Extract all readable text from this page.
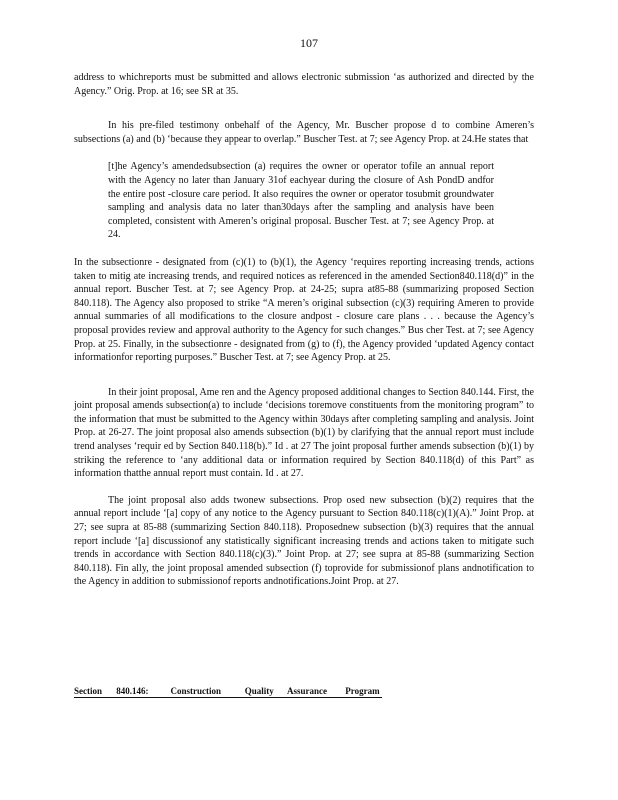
107

address to whichreports must be submitted and allows electronic submission ‘as authorized and directed by the Agency.” Orig. Prop. at 16; see SR at 35.

In his pre-filed testimony onbehalf of the Agency, Mr. Buscher propose d to combine Ameren’s subsections (a) and (b) ‘because they appear to overlap.” Buscher Test. at 7; see Agency Prop. at 24.He states that

[t]he Agency’s amendedsubsection (a) requires the owner or operator tofile an annual report with the Agency no later than January 31of eachyear during the closure of Ash PondD andfor the entire post -closure care period. It also requires the owner or operator tosubmit groundwater sampling and analysis data no later than30days after the sampling and analysis have been completed, consistent with Ameren’s original proposal. Buscher Test. at 7; see Agency Prop. at 24.

In the subsectionre - designated from (c)(1) to (b)(1), the Agency ‘requires reporting increasing trends, actions taken to mitig ate increasing trends, and required notices as referenced in the amended Section840.118(d)” in the annual report. Buscher Test. at 7; see Agency Prop. at 24-25; supra at85-88 (summarizing proposed Section 840.118). The Agency also proposed to strike “A meren’s original subsection (c)(3) requiring Ameren to provide annual summaries of all modifications to the closure andpost - closure care plans . . . because the Agency’s proposal provides review and approval authority to the Agency for such changes.” Bus cher Test. at 7; see Agency Prop. at 25. Finally, in the subsectionre - designated from (g) to (f), the Agency provided ‘updated Agency contact informationfor reporting purposes.” Buscher Test. at 7; see Agency Prop. at 25.

In their joint proposal, Ame ren and the Agency proposed additional changes to Section 840.144. First, the joint proposal amends subsection(a) to include ‘decisions toremove constituents from the monitoring program” to the information that must be submitted to the Agency within 30days after completing sampling and analysis. Joint Prop. at 26-27. The joint proposal also amends subsection (b)(1) by clarifying that the annual report must include trend analyses ‘requir ed by Section 840.118(b).” Id . at 27 The joint proposal further amends subsection (b)(1) by striking the reference to ‘any additional data or information required by Section 840.118(d) of this Part” as information thatthe annual report must contain. Id . at 27.

The joint proposal also adds twonew subsections. Prop osed new subsection (b)(2) requires that the annual report include ‘[a] copy of any notice to the Agency pursuant to Section 840.118(c)(1)(A).” Joint Prop. at 27; see supra at 85-88 (summarizing Section 840.118). Proposednew subsection (b)(3) requires that the annual report include ‘[a] discussionof any statistically significant increasing trends and actions taken to mitigate such trends in accordance with Section 840.118(c)(3).” Joint Prop. at 27; see supra at 85-88 (summarizing Section 840.118). Fin ally, the joint proposal amended subsection (f) toprovide for submissionof plans andnotification to the Agency in addition to submissionof reports andnotifications.Joint Prop. at 27.

Section 840.146: Construction	Quality Assurance Program
